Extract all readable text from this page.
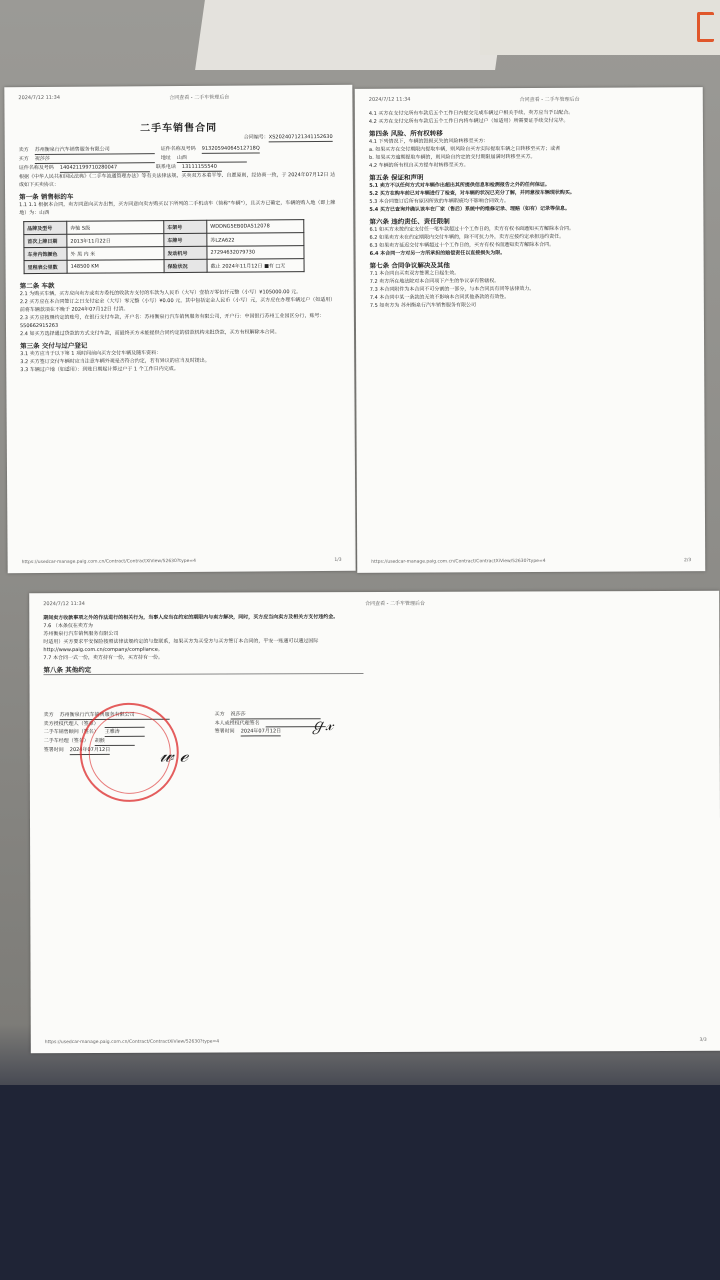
2024/7/12 11:34	合同查看 - 二手车管理后台
二手车销售合同
合同编号：XS202407121341152630
卖方 苏州衡泉行汽车销售服务有限公司	证件名称及号码 91320594064512718Q
买方 祝莎莎	地址 山西
证件名称及号码 140421199710280047	联系电话 13111155540
根据《中华人民共和国民法典》《二手车流通管理办法》等有关法律法规，买卖双方本着平等、自愿原则，经协商一致，于 2024年07月12日 达成如下买卖协议：
第一条 销售标的车
1.1 1.1 根据本合同，卖方同意向买方出售，买方同意向卖方购买以下所列的二手机动车（简称"车辆"），且买方已确定，车辆的购入地（即上牌地）为：山西
品牌及型号	奔驰 S级	车架号	WDDNG5EB0DA512078
首次上牌日期	2013年11月22日	车牌号	苏LZA622
车身内饰颜色	外 黑 内 米	发动机号	27294632079730
里程表公里数	148500 KM	保险状况	截止 2024年11月12日 ■有 □无
第二条 车款
2.1 为购买车辆，买方应向卖方或卖方委托的收款方支付的车款为人民币（大写）壹拾万零伍仟元整（小写）¥105000.00 元。
2.2 买方应在本合同签订之日支付定金（大写）零元整（小写）¥0.00 元，其中包括定金人民币（小写）元，买方应在办理车辆过户（如适用）前将车辆款项在不晚于 2024年07月12日 付清。
2.3 买方应按照约定的账号，在银行支付车款，开户名：苏州衡泉行汽车销售服务有限公司，开户行：中国银行苏州工业园区分行，账号：550662915263
2.4 如买方选择通过贷款的方式支付车款，而最终买方未能提供合同约定的借款机构未批贷款，买方有权解除本合同。
第三条 交付与过户登记
3.1 卖方应当于以下第 1 项时间前向买方交付车辆及随车资料：
3.2 买方签订交付车辆时应当注意车辆外观是否符合约定，若有异议的应当及时提出。
3.3 车辆过户地（如适用）：到账日期起计算过户于 1 个工作日内完成。
https://usedcar-manage.paig.com.cn/Contract/ContractXiView/52630?type=4	1/3
2024/7/12 11:34	合同查看 - 二手车管理后台
4.1 买方在支付完所有车款后五个工作日内提交完成车辆过户相关手续，卖方应当予以配合。
4.2 买方在支付完所有车款后五个工作日内将车辆过户（如适用）所需要证手续交付完毕。
第四条 风险、所有权转移
4.1 下列情况下，车辆的毁损灭失的风险转移至买方：
a. 如果买方在交付期限内提取车辆，则风险自买方实际提取车辆之日转移至买方；或者
b. 如果买方逾期提取车辆的，则风险自约定的交付期限届满时转移至买方。
4.2 车辆的所有权自买方提车时转移至买方。
第五条 保证和声明
5.1 卖方不以任何方式对车辆作出超出其所提供信息和检测报告之外的任何保证。
5.2 买方在购车前已对车辆进行了检查，对车辆的状况已充分了解，并同意按车辆现状购买。
5.3 本合同签订后所有原因所致的车辆瑕疵均不影响合同效力。
5.4 买方已查询并确认该车在厂家（售后）系统中的维修记录、理赔（如有）记录等信息。
第六条 违约责任、责任限制
6.1 如买方未按约定支付任一笔车款超过十个工作日的，卖方有权书面通知买方解除本合同。
6.2 如果卖方未在约定期限内交付车辆的，除不可抗力外，卖方应按约定承担违约责任。
6.3 如果卖方延迟交付车辆超过十个工作日的，买方有权书面通知卖方解除本合同。
6.4 本合同一方对另一方所承担的赔偿责任以直接损失为限。
第七条 合同争议解决及其他
7.1 本合同自买卖双方签署之日起生效。
7.2 卖方所在地法院对本合同项下产生的争议享有管辖权。
7.3 本合同附件为本合同不可分割的一部分，与本合同具有同等法律效力。
7.4 本合同中某一条款的无效不影响本合同其他条款的有效性。
7.5 如卖方为 苏州衡泉行汽车销售服务有限公司
https://usedcar-manage.paig.com.cn/Contract/ContractXiView/52630?type=4	2/3
2024/7/12 11:34	合同查看 - 二手车管理后台
期间卖方收款事项之外的作法进行的相关行为，当事人应当在约定的期限内与卖方解决，同时，买方应当向卖方及相关方支付违约金。
7.6 （本条仅在卖方为
苏州衡泉行汽车销售服务有限公司
时适用）买方要求平安保险按照法律法规约定的与您联系，如果买方为买受方与买方签订本合同的，平安一账通可以通过国际http://www.paig.com.cn/company/compliance。
7.7 本合同一式一份，卖方持有一份，买方持有一份。
第八条 其他约定
卖方 苏州衡泉行汽车销售服务有限公司
卖方授权代理人（签章）
二手车销售顾问（签名） 王雅涛
二手车经理（签名） 胡猴
签署时间 2024年07月12日
买方 祝莎莎
本人或授权代理签名
签署时间 2024年07月12日 ℊ𝓍
𝓌 ℯ
https://usedcar-manage.paig.com.cn/Contract/ContractXiView/52630?type=4	3/3
